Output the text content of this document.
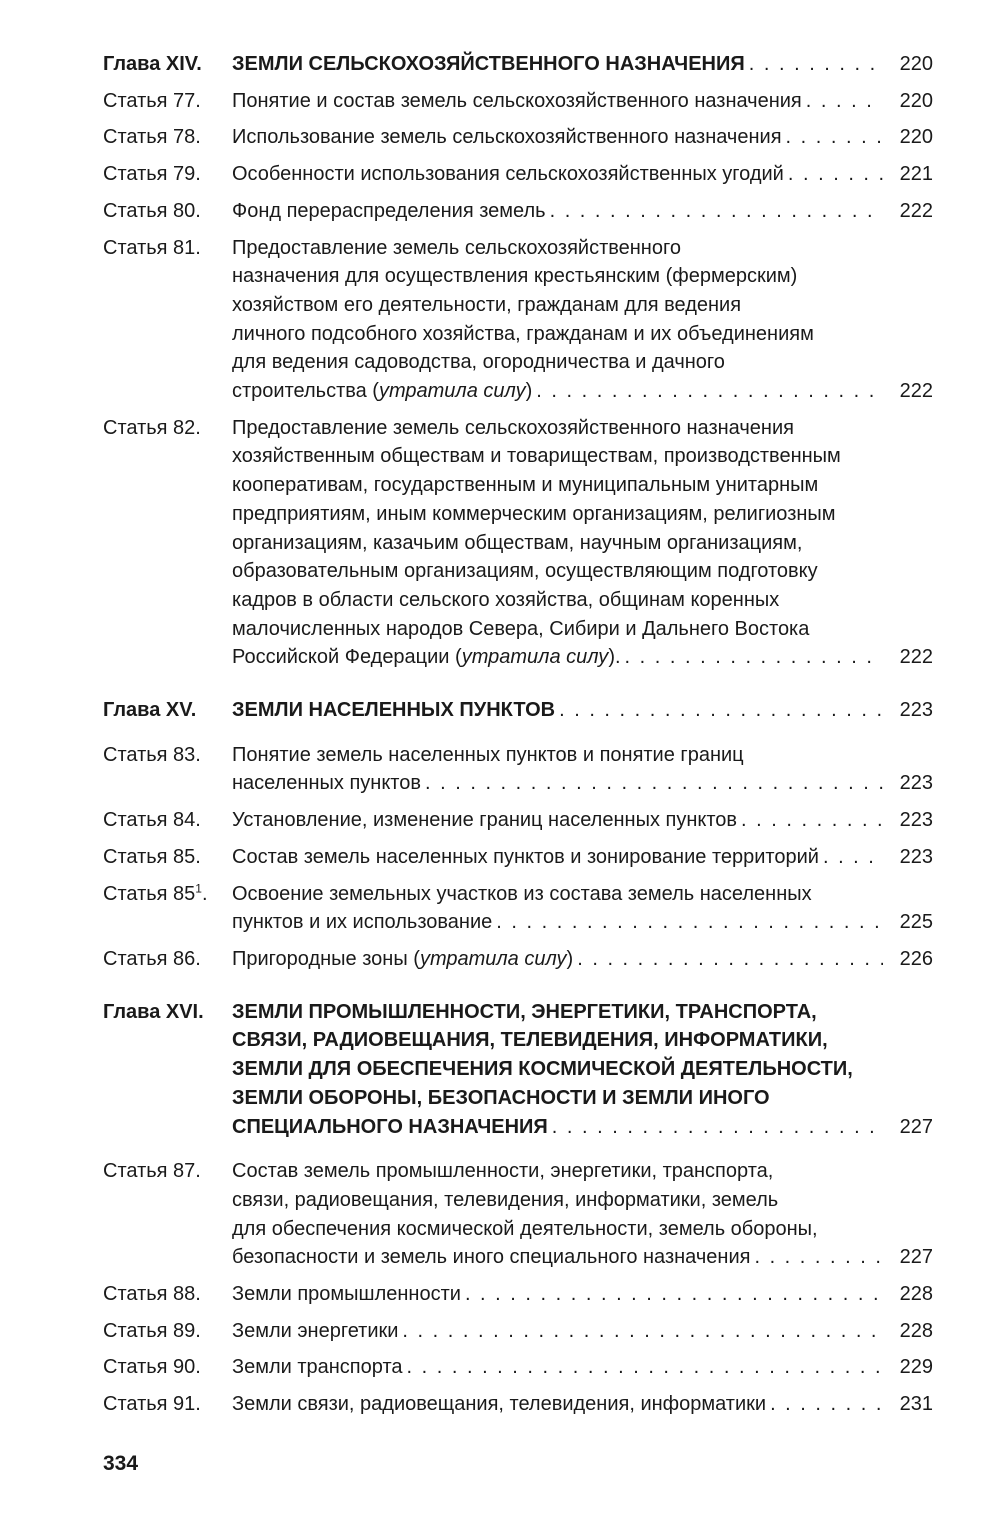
Глава XIV.	ЗЕМЛИ СЕЛЬСКОХОЗЯЙСТВЕННОГО НАЗНАЧЕНИЯ . . .	220
Статья 77.	Понятие и состав земель сельскохозяйственного назначения . . .	220
Статья 78.	Использование земель сельскохозяйственного назначения . . .	220
Статья 79.	Особенности использования сельскохозяйственных угодий . . .	221
Статья 80.	Фонд перераспределения земель . . .	222
Статья 81.	Предоставление земель сельскохозяйственного
назначения для осуществления крестьянским (фермерским)
хозяйством его деятельности, гражданам для ведения
личного подсобного хозяйства, гражданам и их объединениям
для ведения садоводства, огородничества и дачного
строительства (утратила силу) . . .	222
Статья 82.	Предоставление земель сельскохозяйственного назначения
хозяйственным обществам и товариществам, производственным
кооперативам, государственным и муниципальным унитарным
предприятиям, иным коммерческим организациям, религиозным
организациям, казачьим обществам, научным организациям,
образовательным организациям, осуществляющим подготовку
кадров в области сельского хозяйства, общинам коренных
малочисленных народов Севера, Сибири и Дальнего Востока
Российской Федерации (утратила силу). . . .	222
Глава XV.	ЗЕМЛИ НАСЕЛЕННЫХ ПУНКТОВ . . .	223
Статья 83.	Понятие земель населенных пунктов и понятие границ
населенных пунктов . . .	223
Статья 84.	Установление, изменение границ населенных пунктов . . .	223
Статья 85.	Состав земель населенных пунктов и зонирование территорий . . .	223
Статья $85^1$.	Освоение земельных участков из состава земель населенных
пунктов и их использование . . .	225
Статья 86.	Пригородные зоны (утратила силу) . . .	226
Глава XVI.	ЗЕМЛИ ПРОМЫШЛЕННОСТИ, ЭНЕРГЕТИКИ, ТРАНСПОРТА,
СВЯЗИ, РАДИОВЕЩАНИЯ, ТЕЛЕВИДЕНИЯ, ИНФОРМАТИКИ,
ЗЕМЛИ ДЛЯ ОБЕСПЕЧЕНИЯ КОСМИЧЕСКОЙ ДЕЯТЕЛЬНОСТИ,
ЗЕМЛИ ОБОРОНЫ, БЕЗОПАСНОСТИ И ЗЕМЛИ ИНОГО
СПЕЦИАЛЬНОГО НАЗНАЧЕНИЯ . . .	227
Статья 87.	Состав земель промышленности, энергетики, транспорта,
связи, радиовещания, телевидения, информатики, земель
для обеспечения космической деятельности, земель обороны,
безопасности и земель иного специального назначения . . .	227
Статья 88.	Земли промышленности . . .	228
Статья 89.	Земли энергетики . . .	228
Статья 90.	Земли транспорта . . .	229
Статья 91.	Земли связи, радиовещания, телевидения, информатики . . .	231
334
